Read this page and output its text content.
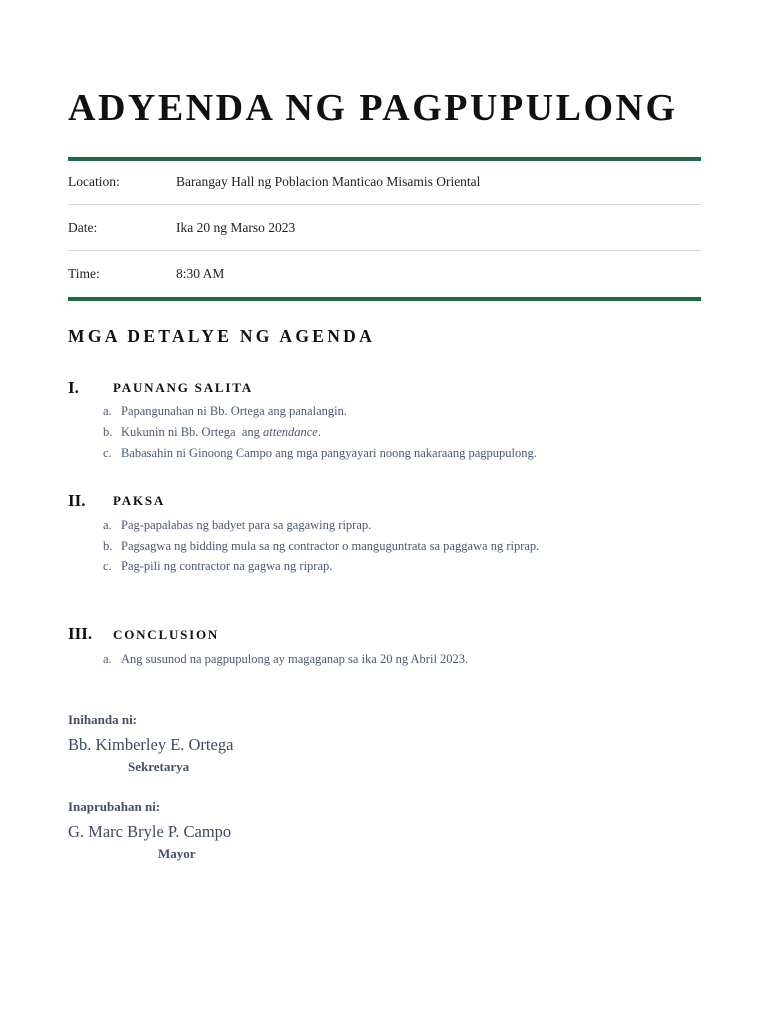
ADYENDA NG PAGPUPULONG
Location:	Barangay Hall ng Poblacion Manticao Misamis Oriental
Date:	Ika 20 ng Marso 2023
Time:	8:30 AM
MGA DETALYE NG AGENDA
I.	PAUNANG SALITA
a. Papangunahan ni Bb. Ortega ang panalangin.
b. Kukunin ni Bb. Ortega  ang attendance.
c. Babasahin ni Ginoong Campo ang mga pangyayari noong nakaraang pagpupulong.
II. PAKSA
a. Pag-papalabas ng badyet para sa gagawing riprap.
b. Pagsagwa ng bidding mula sa ng contractor o manguguntrata sa paggawa ng riprap.
c. Pag-pili ng contractor na gagwa ng riprap.
III. CONCLUSION
a. Ang susunod na pagpupulong ay magaganap sa ika 20 ng Abril 2023.
Inihanda ni:
Bb. Kimberley E. Ortega
Sekretarya
Inaprubahan ni:
G. Marc Bryle P. Campo
Mayor
